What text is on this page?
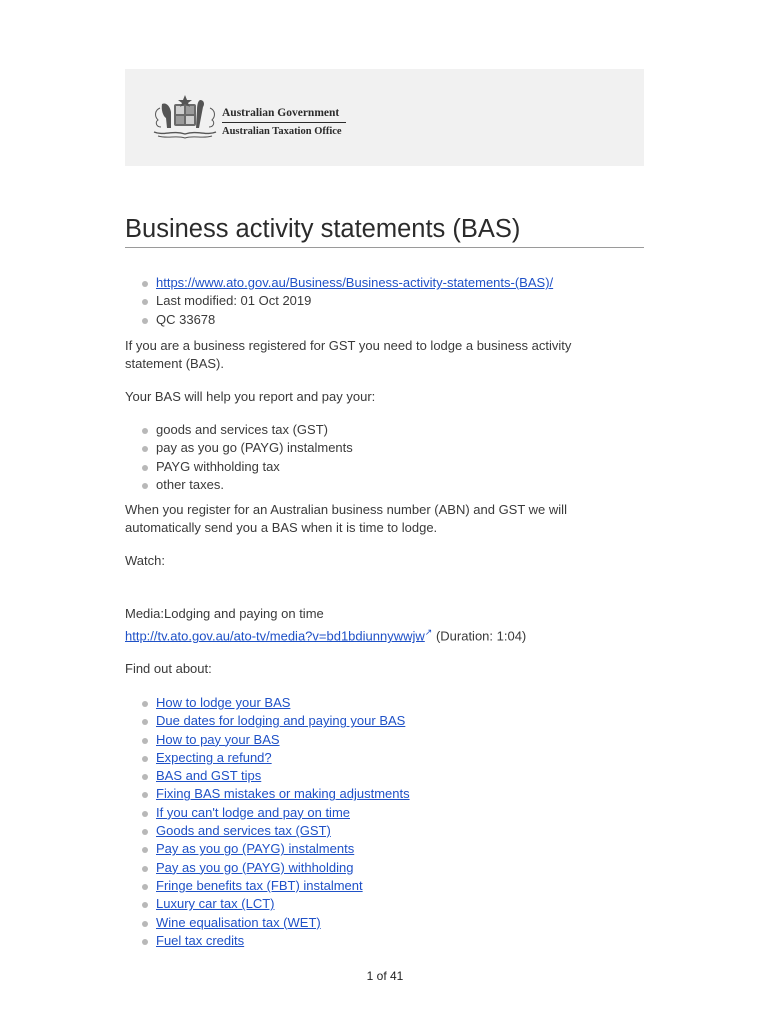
Australian Government
Australian Taxation Office
Business activity statements (BAS)
https://www.ato.gov.au/Business/Business-activity-statements-(BAS)/
Last modified: 01 Oct 2019
QC 33678

If you are a business registered for GST you need to lodge a business activity statement (BAS).

Your BAS will help you report and pay your:

goods and services tax (GST)
pay as you go (PAYG) instalments
PAYG withholding tax
other taxes.

When you register for an Australian business number (ABN) and GST we will automatically send you a BAS when it is time to lodge.

Watch:

Media:Lodging and paying on time

http://tv.ato.gov.au/ato-tv/media?v=bd1bdiunnywwjw↗ (Duration: 1:04)

Find out about:

How to lodge your BAS
Due dates for lodging and paying your BAS
How to pay your BAS
Expecting a refund?
BAS and GST tips
Fixing BAS mistakes or making adjustments
If you can't lodge and pay on time
Goods and services tax (GST)
Pay as you go (PAYG) instalments
Pay as you go (PAYG) withholding
Fringe benefits tax (FBT) instalment
Luxury car tax (LCT)
Wine equalisation tax (WET)
Fuel tax credits
1 of 41
